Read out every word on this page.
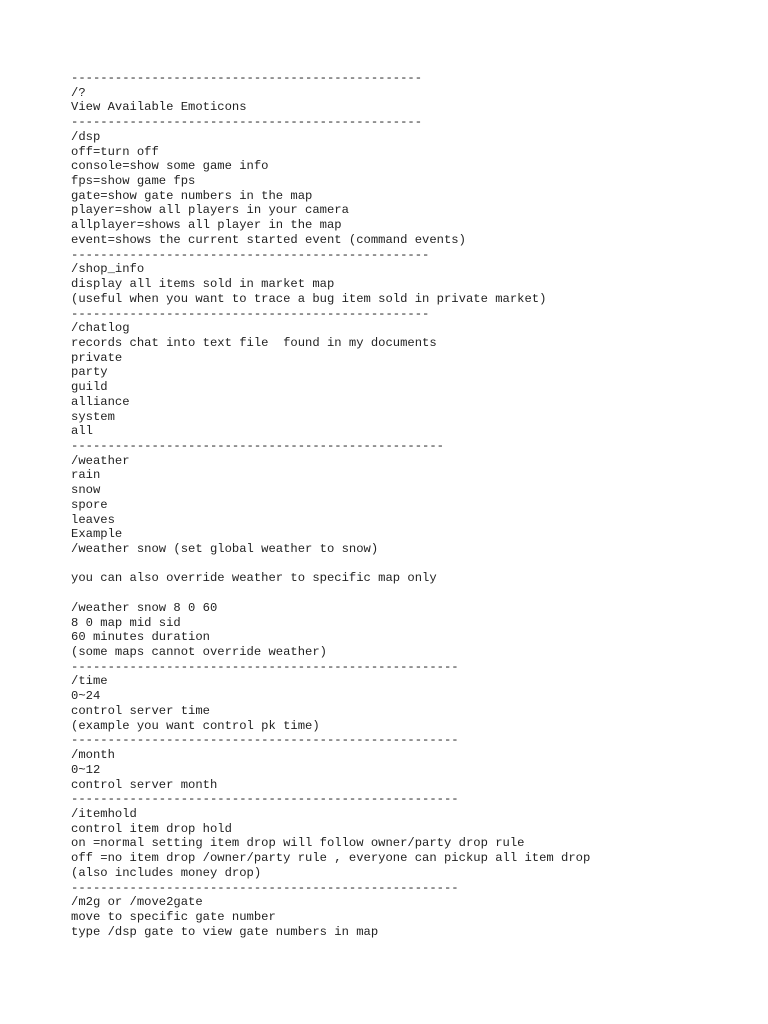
------------------------------------------------
/?
View Available Emoticons
------------------------------------------------
/dsp
off=turn off
console=show some game info
fps=show game fps
gate=show gate numbers in the map
player=show all players in your camera
allplayer=shows all player in the map
event=shows the current started event (command events)
-------------------------------------------------
/shop_info
display all items sold in market map
(useful when you want to trace a bug item sold in private market)
-------------------------------------------------
/chatlog
records chat into text file  found in my documents
private
party
guild
alliance
system
all
---------------------------------------------------
/weather
rain
snow
spore
leaves
Example
/weather snow (set global weather to snow)
you can also override weather to specific map only
/weather snow 8 0 60
8 0 map mid sid
60 minutes duration
(some maps cannot override weather)
-----------------------------------------------------
/time
0~24
control server time
(example you want control pk time)
-----------------------------------------------------
/month
0~12
control server month
-----------------------------------------------------
/itemhold
control item drop hold
on =normal setting item drop will follow owner/party drop rule
off =no item drop /owner/party rule , everyone can pickup all item drop
(also includes money drop)
-----------------------------------------------------
/m2g or /move2gate
move to specific gate number
type /dsp gate to view gate numbers in map
